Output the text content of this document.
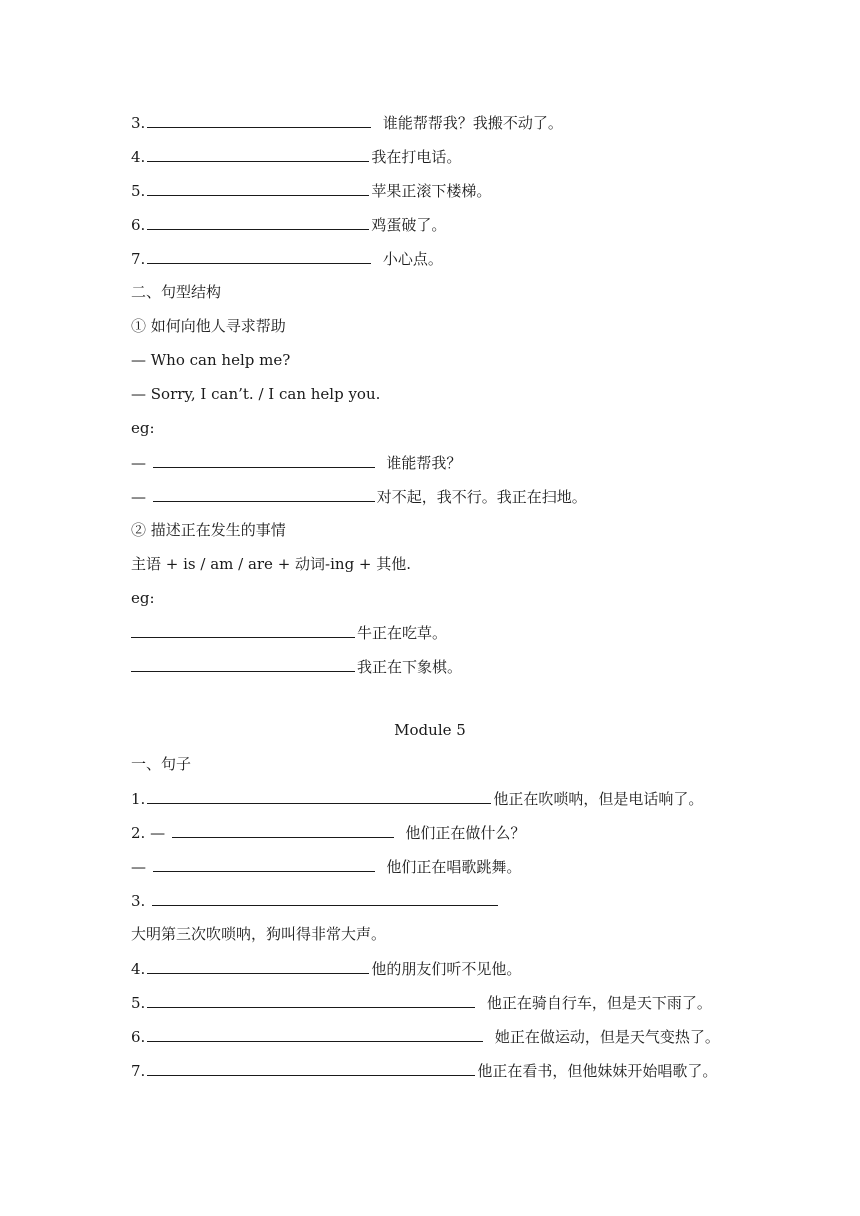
3.	谁能帮帮我？我搬不动了。
4.	我在打电话。
5.	苹果正滚下楼梯。
6.	鸡蛋破了。
7.	小心点。
二、句型结构
① 如何向他人寻求帮助
— Who can help me?
— Sorry, I can’t. / I can help you.
eg:
—	谁能帮我？
—	对不起，我不行。我正在扫地。
② 描述正在发生的事情
主语 + is / am / are + 动词-ing + 其他.
eg:
牛正在吃草。
我正在下象棋。
Module 5
一、句子
1.	他正在吹唢呐，但是电话响了。
2. —	他们正在做什么？
—	他们正在唱歌跳舞。
3.
大明第三次吹唢呐，狗叫得非常大声。
4.	他的朋友们听不见他。
5.	他正在骑自行车，但是天下雨了。
6.	她正在做运动，但是天气变热了。
7.	他正在看书，但他妹妹开始唱歌了。
